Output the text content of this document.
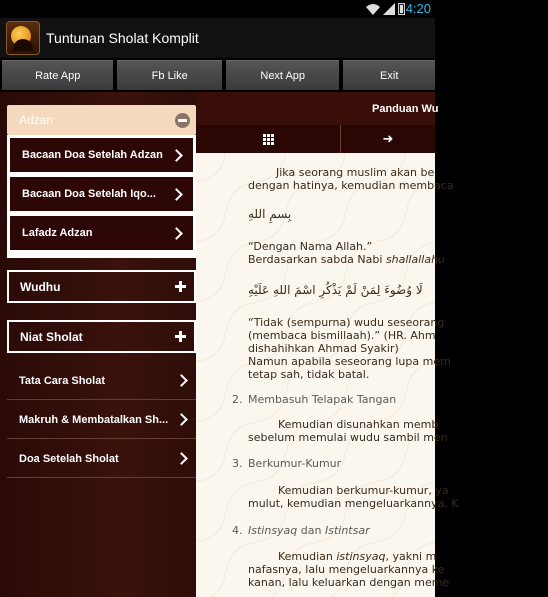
4:20
Tuntunan Sholat Komplit
Rate App	Fb Like	Next App	Exit
Adzan
Bacaan Doa Setelah Adzan
Bacaan Doa Setelah Iqo...
Lafadz Adzan
Wudhu
Niat Sholat
Tata Cara Sholat
Makruh & Membatalkan Sh...
Doa Setelah Sholat
Panduan Wu
➜

Jika seorang muslim akan be

dengan hatinya, kemudian membaca

بِسمِ اللهِ

“Dengan Nama Allah.”

Berdasarkan sabda Nabi shallallahu

لَا وُضُوءَ لِمَنْ لَمْ يَذْكُرِ اسْمَ اللهِ عَلَيْهِ

“Tidak (sempurna) wudu seseorang

(membaca bismillaah).” (HR. Ahm

dishahihkan Ahmad Syakir)

Namun apabila seseorang lupa mem

tetap sah, tidak batal.

2. Membasuh Telapak Tangan

Kemudian disunahkan memb

sebelum memulai wudu sambil men

3. Berkumur-Kumur

Kemudian berkumur-kumur, ya

mulut, kemudian mengeluarkannya. K

4. Istinsyaq dan Istintsar

Kemudian istinsyaq, yakni m

nafasnya, lalu mengeluarkannya ke

kanan, lalu keluarkan dengan meme
